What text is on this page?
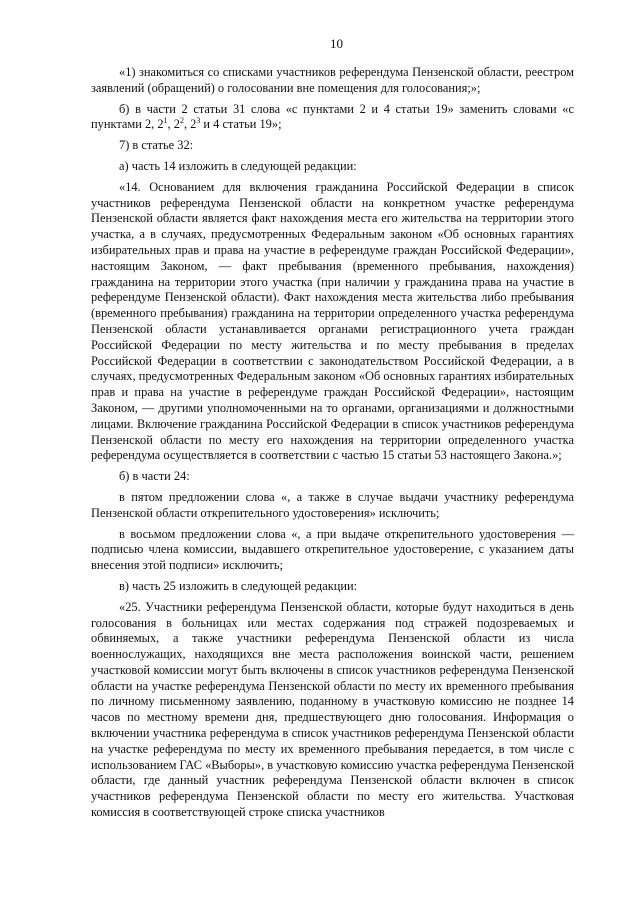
10

«1) знакомиться со списками участников референдума Пензенской области, реестром заявлений (обращений) о голосовании вне помещения для голосования;»;

б) в части 2 статьи 31 слова «с пунктами 2 и 4 статьи 19» заменить словами «с пунктами 2, $2^1$, $2^2$, $2^3$ и 4 статьи 19»;

7) в статье 32:

а) часть 14 изложить в следующей редакции:

«14. Основанием для включения гражданина Российской Федерации в список участников референдума Пензенской области на конкретном участке референдума Пензенской области является факт нахождения места его жительства на территории этого участка, а в случаях, предусмотренных Федеральным законом «Об основных гарантиях избирательных прав и права на участие в референдуме граждан Российской Федерации», настоящим Законом, — факт пребывания (временного пребывания, нахождения) гражданина на территории этого участка (при наличии у гражданина права на участие в референдуме Пензенской области). Факт нахождения места жительства либо пребывания (временного пребывания) гражданина на территории определенного участка референдума Пензенской области устанавливается органами регистрационного учета граждан Российской Федерации по месту жительства и по месту пребывания в пределах Российской Федерации в соответствии с законодательством Российской Федерации, а в случаях, предусмотренных Федеральным законом «Об основных гарантиях избирательных прав и права на участие в референдуме граждан Российской Федерации», настоящим Законом, — другими уполномоченными на то органами, организациями и должностными лицами. Включение гражданина Российской Федерации в список участников референдума Пензенской области по месту его нахождения на территории определенного участка референдума осуществляется в соответствии с частью 15 статьи 53 настоящего Закона.»;

б) в части 24:

в пятом предложении слова «, а также в случае выдачи участнику референдума Пензенской области открепительного удостоверения» исключить;

в восьмом предложении слова «, а при выдаче открепительного удостоверения — подписью члена комиссии, выдавшего открепительное удостоверение, с указанием даты внесения этой подписи» исключить;

в) часть 25 изложить в следующей редакции:

«25. Участники референдума Пензенской области, которые будут находиться в день голосования в больницах или местах содержания под стражей подозреваемых и обвиняемых, а также участники референдума Пензенской области из числа военнослужащих, находящихся вне места расположения воинской части, решением участковой комиссии могут быть включены в список участников референдума Пензенской области на участке референдума Пензенской области по месту их временного пребывания по личному письменному заявлению, поданному в участковую комиссию не позднее 14 часов по местному времени дня, предшествующего дню голосования. Информация о включении участника референдума в список участников референдума Пензенской области на участке референдума по месту их временного пребывания передается, в том числе с использованием ГАС «Выборы», в участковую комиссию участка референдума Пензенской области, где данный участник референдума Пензенской области включен в список участников референдума Пензенской области по месту его жительства. Участковая комиссия в соответствующей строке списка участников
